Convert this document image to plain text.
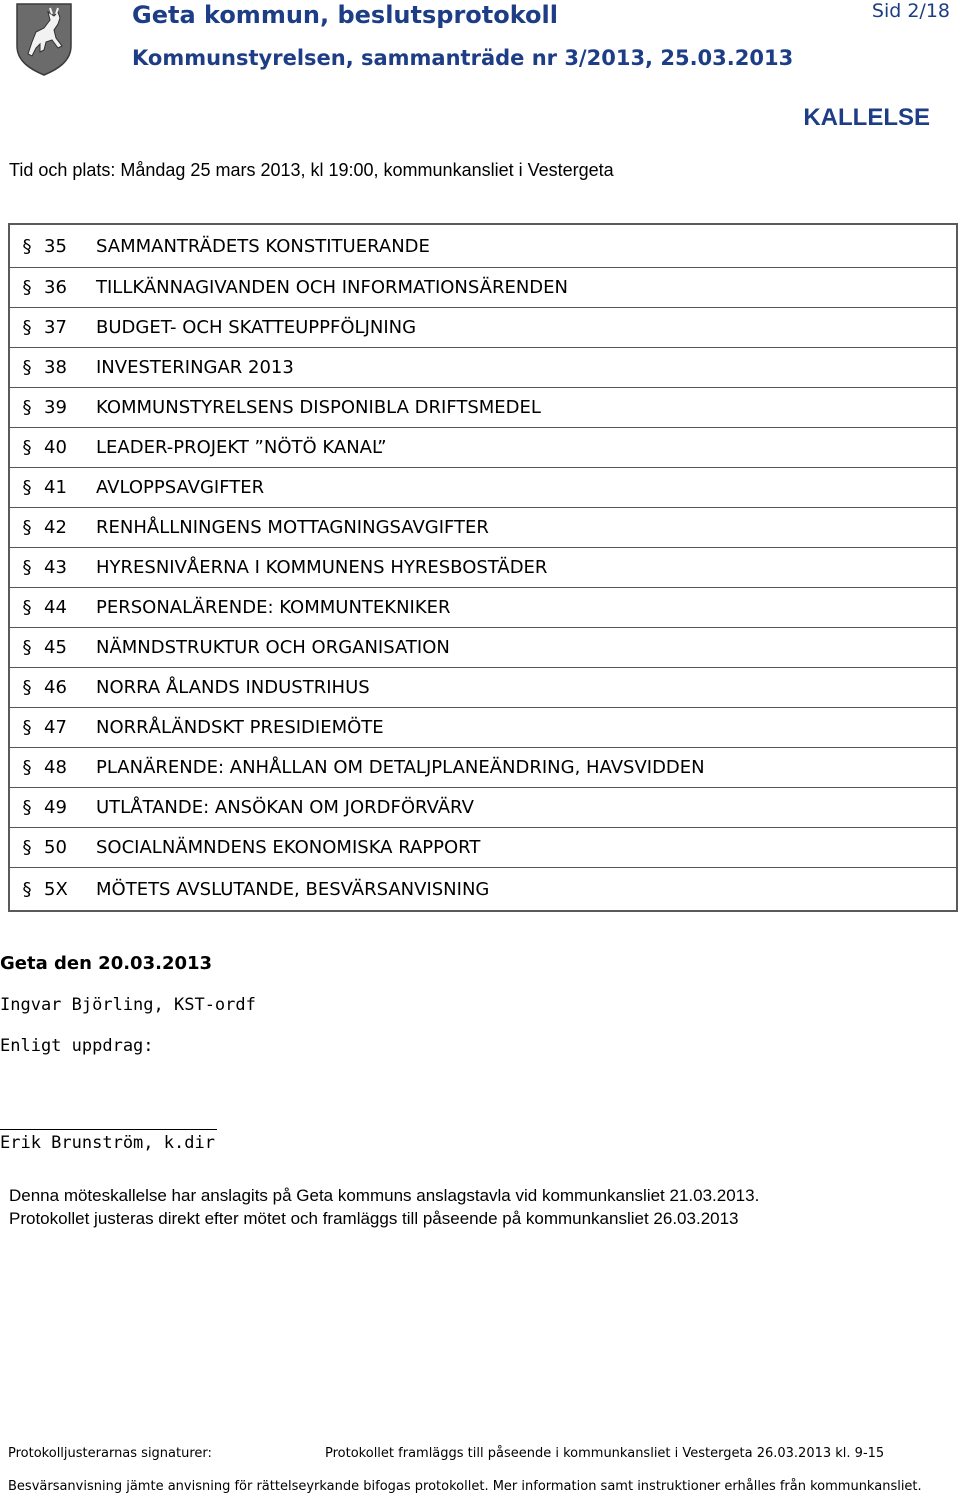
Geta kommun, beslutsprotokoll	Sid 2/18
Kommunstyrelsen, sammanträde nr 3/2013, 25.03.2013
KALLELSE
Tid och plats: Måndag 25 mars 2013, kl 19:00, kommunkansliet i Vestergeta
§	35	SAMMANTRÄDETS KONSTITUERANDE
§	36	TILLKÄNNAGIVANDEN OCH INFORMATIONSÄRENDEN
§	37	BUDGET- OCH SKATTEUPPFÖLJNING
§	38	INVESTERINGAR 2013
§	39	KOMMUNSTYRELSENS DISPONIBLA DRIFTSMEDEL
§	40	LEADER-PROJEKT ”NÖTÖ KANAL”
§	41	AVLOPPSAVGIFTER
§	42	RENHÅLLNINGENS MOTTAGNINGSAVGIFTER
§	43	HYRESNIVÅERNA I KOMMUNENS HYRESBOSTÄDER
§	44	PERSONALÄRENDE: KOMMUNTEKNIKER
§	45	NÄMNDSTRUKTUR OCH ORGANISATION
§	46	NORRA ÅLANDS INDUSTRIHUS
§	47	NORRÅLÄNDSKT PRESIDIEMÖTE
§	48	PLANÄRENDE: ANHÅLLAN OM DETALJPLANEÄNDRING, HAVSVIDDEN
§	49	UTLÅTANDE: ANSÖKAN OM JORDFÖRVÄRV
§	50	SOCIALNÄMNDENS EKONOMISKA RAPPORT
§	5X	MÖTETS AVSLUTANDE, BESVÄRSANVISNING
Geta den 20.03.2013
Ingvar Björling, KST-ordf
Enligt uppdrag:
Erik Brunström, k.dir
Denna möteskallelse har anslagits på Geta kommuns anslagstavla vid kommunkansliet 21.03.2013.
Protokollet justeras direkt efter mötet och framläggs till påseende på kommunkansliet 26.03.2013
Protokolljusterarnas signaturer:	Protokollet framläggs till påseende i kommunkansliet i Vestergeta 26.03.2013 kl. 9-15
Besvärsanvisning jämte anvisning för rättelseyrkande bifogas protokollet. Mer information samt instruktioner erhålles från kommunkansliet.
